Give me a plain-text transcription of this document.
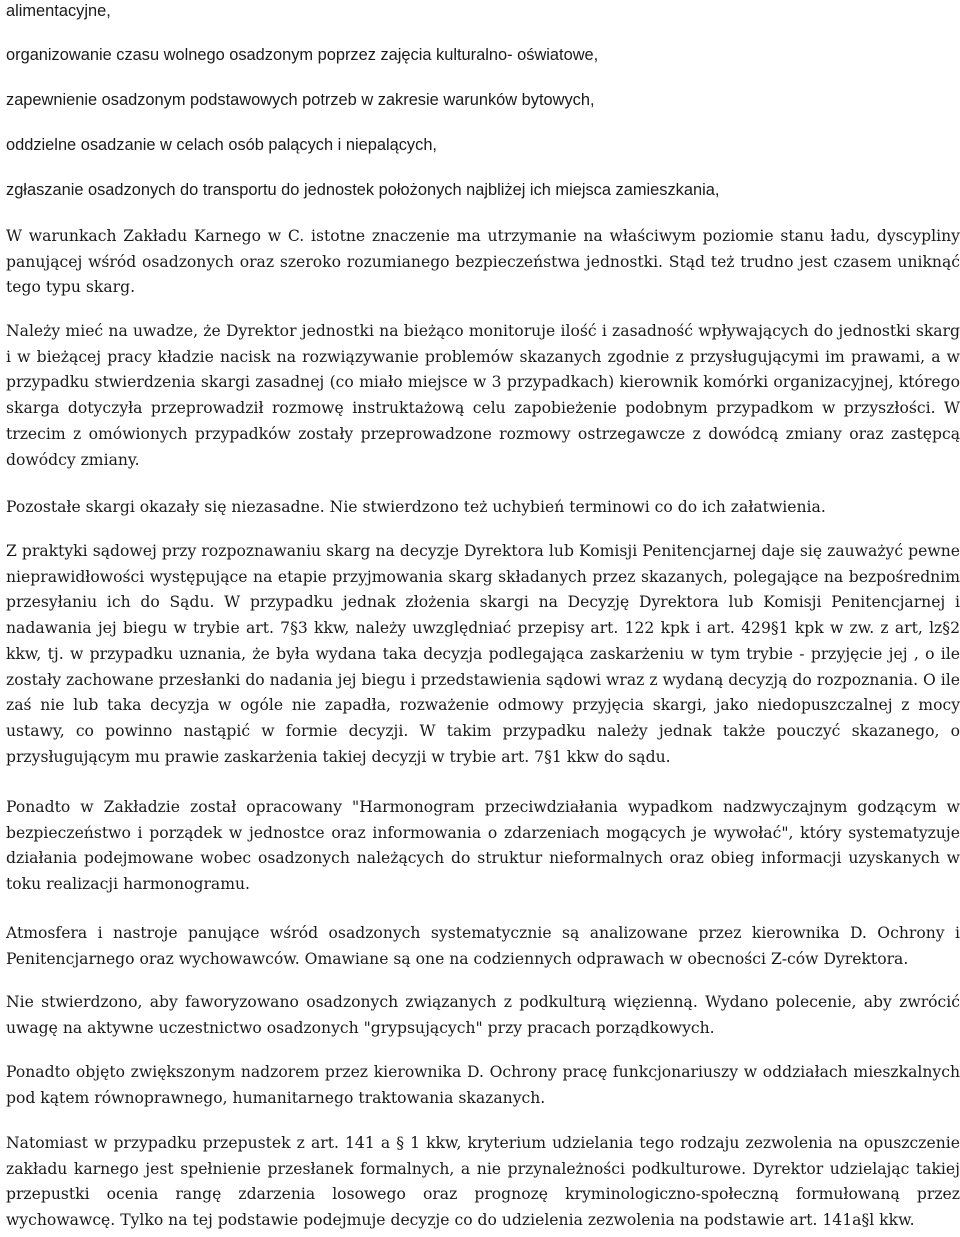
alimentacyjne,

organizowanie czasu wolnego osadzonym poprzez zajęcia kulturalno- oświatowe,

zapewnienie osadzonym podstawowych potrzeb w zakresie warunków bytowych,

oddzielne osadzanie w celach osób palących i niepalących,

zgłaszanie osadzonych do transportu do jednostek położonych najbliżej ich miejsca zamieszkania,

W warunkach Zakładu Karnego w C. istotne znaczenie ma utrzymanie na właściwym poziomie stanu ładu, dyscypliny panującej wśród osadzonych oraz szeroko rozumianego bezpieczeństwa jednostki. Stąd też trudno jest czasem uniknąć tego typu skarg.

Należy mieć na uwadze, że Dyrektor jednostki na bieżąco monitoruje ilość i zasadność wpływających do jednostki skarg i w bieżącej pracy kładzie nacisk na rozwiązywanie problemów skazanych zgodnie z przysługującymi im prawami, a w przypadku stwierdzenia skargi zasadnej (co miało miejsce w 3 przypadkach) kierownik komórki organizacyjnej, którego skarga dotyczyła przeprowadził rozmowę instruktażową celu zapobieżenie podobnym przypadkom w przyszłości. W trzecim z omówionych przypadków zostały przeprowadzone rozmowy ostrzegawcze z dowódcą zmiany oraz zastępcą dowódcy zmiany.

Pozostałe skargi okazały się niezasadne. Nie stwierdzono też uchybień terminowi co do ich załatwienia.

Z praktyki sądowej przy rozpoznawaniu skarg na decyzje Dyrektora lub Komisji Penitencjarnej daje się zauważyć pewne nieprawidłowości występujące na etapie przyjmowania skarg składanych przez skazanych, polegające na bezpośrednim przesyłaniu ich do Sądu. W przypadku jednak złożenia skargi na Decyzję Dyrektora lub Komisji Penitencjarnej i nadawania jej biegu w trybie art. 7§3 kkw, należy uwzględniać przepisy art. 122 kpk i art. 429§1 kpk w zw. z art, lz§2 kkw, tj. w przypadku uznania, że była wydana taka decyzja podlegająca zaskarżeniu w tym trybie - przyjęcie jej , o ile zostały zachowane przesłanki do nadania jej biegu i przedstawienia sądowi wraz z wydaną decyzją do rozpoznania. O ile zaś nie lub taka decyzja w ogóle nie zapadła, rozważenie odmowy przyjęcia skargi, jako niedopuszczalnej z mocy ustawy, co powinno nastąpić w formie decyzji. W takim przypadku należy jednak także pouczyć skazanego, o przysługującym mu prawie zaskarżenia takiej decyzji w trybie art. 7§1 kkw do sądu.

Ponadto w Zakładzie został opracowany "Harmonogram przeciwdziałania wypadkom nadzwyczajnym godzącym w bezpieczeństwo i porządek w jednostce oraz informowania o zdarzeniach mogących je wywołać", który systematyzuje działania podejmowane wobec osadzonych należących do struktur nieformalnych oraz obieg informacji uzyskanych w toku realizacji harmonogramu.

Atmosfera i nastroje panujące wśród osadzonych systematycznie są analizowane przez kierownika D. Ochrony i Penitencjarnego oraz wychowawców. Omawiane są one na codziennych odprawach w obecności Z-ców Dyrektora.

Nie stwierdzono, aby faworyzowano osadzonych związanych z podkulturą więzienną. Wydano polecenie, aby zwrócić uwagę na aktywne uczestnictwo osadzonych "grypsujących" przy pracach porządkowych.

Ponadto objęto zwiększonym nadzorem przez kierownika D. Ochrony pracę funkcjonariuszy w oddziałach mieszkalnych pod kątem równoprawnego, humanitarnego traktowania skazanych.

Natomiast w przypadku przepustek z art. 141 a § 1 kkw, kryterium udzielania tego rodzaju zezwolenia na opuszczenie zakładu karnego jest spełnienie przesłanek formalnych, a nie przynależności podkulturowe. Dyrektor udzielając takiej przepustki ocenia rangę zdarzenia losowego oraz prognozę kryminologiczno-społeczną formułowaną przez wychowawcę. Tylko na tej podstawie podejmuje decyzje co do udzielenia zezwolenia na podstawie art. 141a§l kkw.
